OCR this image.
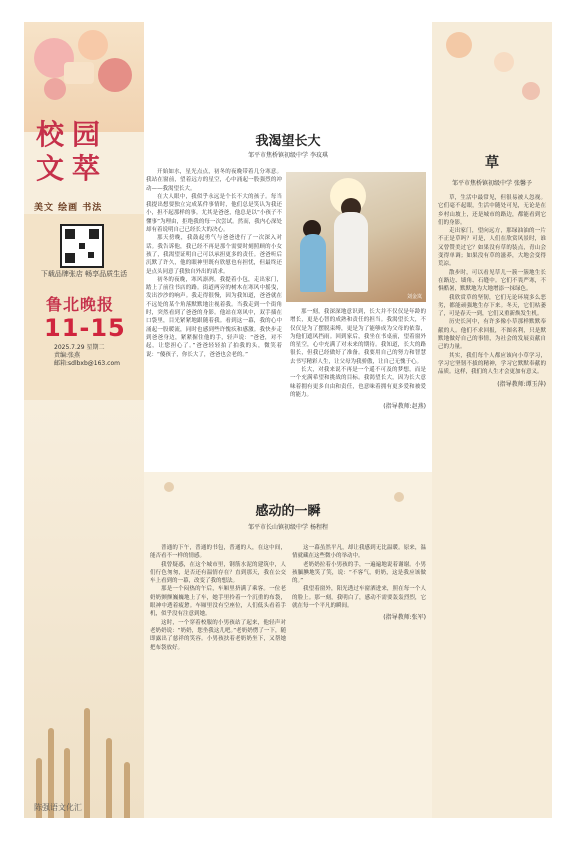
校 园
文 萃
美文 绘画 书法
下载品牌张店 畅享品质生活
鲁北晚报
11-15
2025.7.29 星期二
责编:张燕
邮箱:sdlbxb@163.com
陈强语文化汇
我渴望长大
邹平市焦桥镇初级中学 李玟琪

开始如水，星光点点，初冬的夜晚带着几分寒意。我站在窗前，望着远方的星空，心中涌起一股强烈的冲动——我渴望长大。

在大人眼中，我似乎永远是个长不大的孩子。每当我提出想要独立完成某件事情时，他们总是笑认为我还小，担不起那样的事。尤其是爸爸，他总是以“小孩子不懂事”为理由，拒绝我的每一次尝试。然而，我内心深处却有着说明自己已经长大的决心。

那天傍晚，我鼓起勇气与爸爸进行了一次深入对话。我告诉他，我已经不再是那个需要时刻照顾的小女孩了，我渴望证明自己可以承担更多的责任。爸爸听后沉默了许久，他的眼神里既有欣慰也有担忧，但最终还是点头同意了我独自外出的请求。

初冬的夜晚，寒风凛冽。我提着小包，走出家门，踏上了前往书店的路。街道两旁的树木在寒风中摇曳，发出沙沙的响声。我走得很慢，因为我知道，爸爸就在不远处的某个角落默默地注视着我。当我走到一个街角时，突然看到了爸爸的身影。他站在寒风中，双手插在口袋里，目光紧紧地跟随着我。看到这一幕，我的心中涌起一股暖流，同时也感到些许愧疚和感激。我快步走到爸爸身边，紧紧握住他的手，轻声说：“爸爸，对不起，让您担心了。”爸爸轻轻拍了拍我的头，微笑着说：“傻孩子，你长大了，爸爸也会老的。”

刘金岚

那一刻，我深深地意识到，长大并不仅仅是年龄的增长，更是心智的成熟和责任的担当。我渴望长大，不仅仅是为了摆脱束缚，更是为了能够成为父母的依靠，为他们遮风挡雨。回到家后，我坐在书桌前，望着窗外的星空，心中充满了对未来的期待。我知道，长大的路很长，但我已经做好了准备。我要用自己的努力和智慧去书写精彩人生，让父母为我骄傲，让自己无愧于心。

长大，对我来说不再是一个遥不可及的梦想，而是一个充满希望和挑战的目标。我渴望长大，因为长大意味着拥有更多自由和责任，也意味着拥有更多爱和被爱的能力。

(指导教师:赵燕)
感动的一瞬
邹平市长山镇初级中学 杨程程

普通的下午，普通的书包，普通的人，在这中间，能否看不一样的情感。

我曾疑惑，在这个城市里，钢筋水泥的建筑中，人们行色匆匆，是否还有温情存在？直到那天，我在公交车上看到的一幕，改变了我的想法。

那是一个闷热的午后，车厢里挤满了乘客。一位老奶奶颤颤巍巍地上了车，她手里拎着一个沉重的布袋，眼神中透着疲惫。车厢里没有空座位，人们低头看着手机，似乎没有注意到她。

这时，一个穿着校服的小男孩站了起来，他轻声对老奶奶说：“奶奶，您坐我这儿吧。”老奶奶愣了一下，随即露出了慈祥的笑容。小男孩扶着老奶奶坐下，又帮她把布袋放好。

这一幕虽然平凡，却让我感到无比温暖。原来，温情就藏在这些微小的举动中。

老奶奶拉着小男孩的手，一遍遍地说着谢谢。小男孩腼腆地笑了笑，说：“不客气，奶奶，这是我应该做的。”

我望着窗外，阳光透过车窗洒进来，照在每一个人的脸上。那一刻，我明白了，感动不需要轰轰烈烈，它就在每一个平凡的瞬间。

(指导教师:张军)
草
邹平市焦桥镇初级中学 张馨予

草，生活中最常见，但很易被人忽视。它们毫不起眼，生活中随处可见，无论是在乡村山坡上，还是城市的路边，都能看到它们的身影。

走出家门，望向远方，那绿油油的一片不正是草吗？可是，人们在欣赏风景时，谁又曾赞美过它？如果没有草的装点，青山会变得单调；如果没有草的滋养，大地会变得荒凉。

散步时，可以看见草儿一簇一簇地生长在路边、墙角、石缝中。它们不畏严寒，不惧酷暑，默默地为大地增添一抹绿色。

我欣赏草的坚韧，它们无论环境多么恶劣，都能顽强地生存下来。冬天，它们枯萎了，可是春天一到，它们又重新焕发生机。

历史长河中，有许多像小草那样默默奉献的人。他们不求回报，不图名利，只是默默地做好自己的事情，为社会的发展贡献自己的力量。

其实，我们每个人都应该向小草学习，学习它坚韧不拔的精神，学习它默默奉献的品质。这样，我们的人生才会更加有意义。

(指导教师:谭玉萍)
